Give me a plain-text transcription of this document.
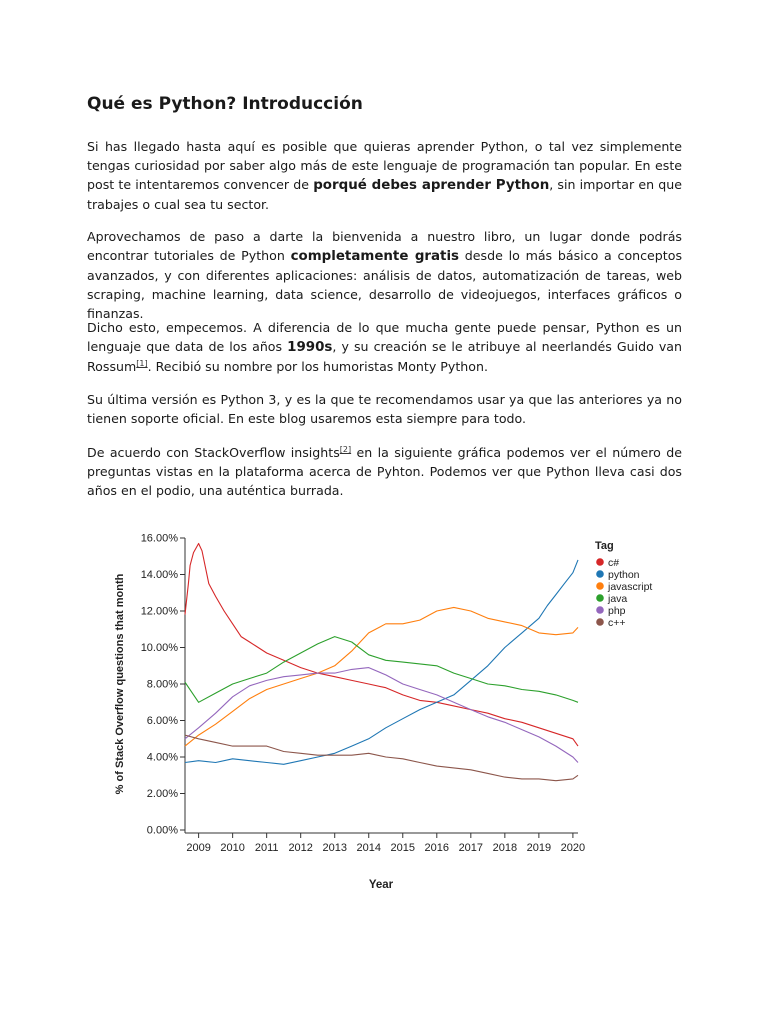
Qué es Python? Introducción

Si has llegado hasta aquí es posible que quieras aprender Python, o tal vez simplemente tengas curiosidad por saber algo más de este lenguaje de programación tan popular. En este post te intentaremos convencer de porqué debes aprender Python, sin importar en que trabajes o cual sea tu sector.

Aprovechamos de paso a darte la bienvenida a nuestro libro, un lugar donde podrás encontrar tutoriales de Python completamente gratis desde lo más básico a conceptos avanzados, y con diferentes aplicaciones: análisis de datos, automatización de tareas, web scraping, machine learning, data science, desarrollo de videojuegos, interfaces gráficos o finanzas.

Dicho esto, empecemos. A diferencia de lo que mucha gente puede pensar, Python es un lenguaje que data de los años 1990s, y su creación se le atribuye al neerlandés Guido van Rossum[1]. Recibió su nombre por los humoristas Monty Python.

Su última versión es Python 3, y es la que te recomendamos usar ya que las anteriores ya no tienen soporte oficial. En este blog usaremos esta siempre para todo.

De acuerdo con StackOverflow insights[2] en la siguiente gráfica podemos ver el número de preguntas vistas en la plataforma acerca de Pyhton. Podemos ver que Python lleva casi dos años en el podio, una auténtica burrada.

0.00%
2.00%
4.00%
6.00%
8.00%
10.00%
12.00%
14.00%
16.00%
2009 2010 2011 2012 2013 2014 2015 2016 2017 2018 2019 2020
Year
% of Stack Overflow questions that month
Tag
c#
python
javascript
java
php
c++
